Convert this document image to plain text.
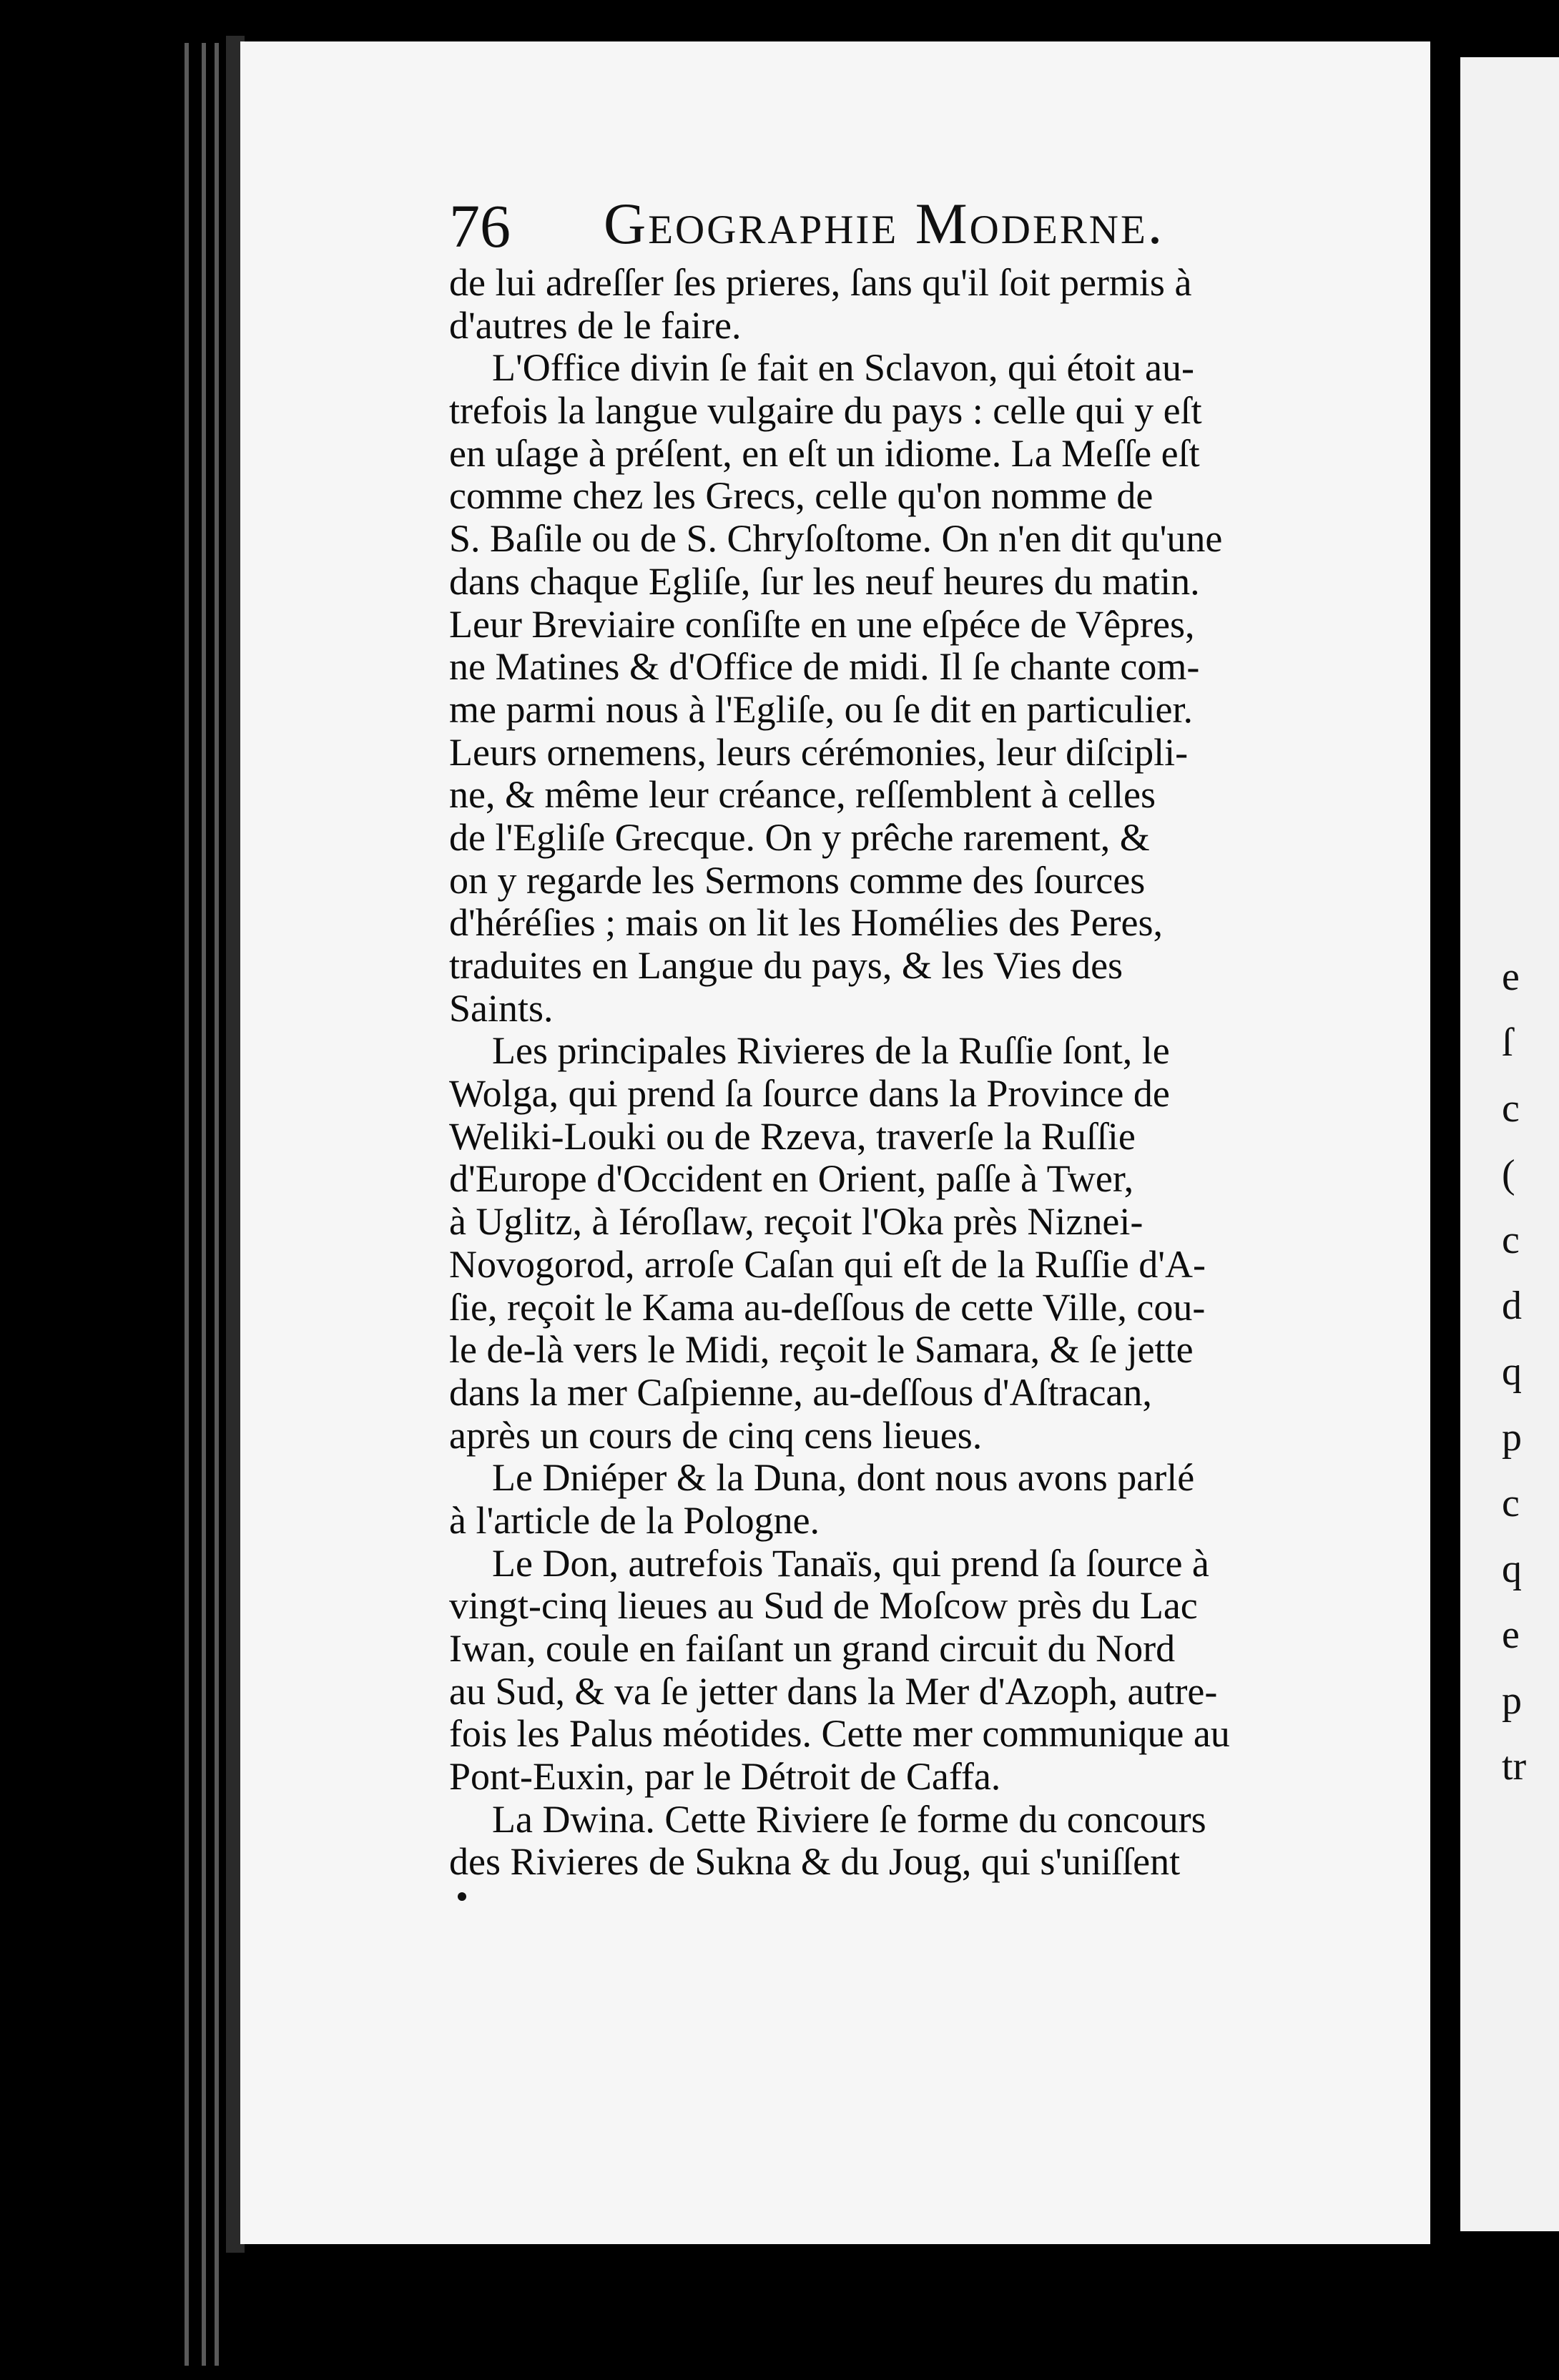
76 Geographie Moderne.
de lui adreſſer ſes prieres, ſans qu'il ſoit permis à
d'autres de le faire.
L'Office divin ſe fait en Sclavon, qui étoit au-
trefois la langue vulgaire du pays : celle qui y eſt
en uſage à préſent, en eſt un idiome. La Meſſe eſt
comme chez les Grecs, celle qu'on nomme de
S. Baſile ou de S. Chryſoſtome. On n'en dit qu'une
dans chaque Egliſe, ſur les neuf heures du matin.
Leur Breviaire conſiſte en une eſpéce de Vêpres,
ne Matines & d'Office de midi. Il ſe chante com-
me parmi nous à l'Egliſe, ou ſe dit en particulier.
Leurs ornemens, leurs cérémonies, leur diſcipli-
ne, & même leur créance, reſſemblent à celles
de l'Egliſe Grecque. On y prêche rarement, &
on y regarde les Sermons comme des ſources
d'héréſies ; mais on lit les Homélies des Peres,
traduites en Langue du pays, & les Vies des
Saints.
Les principales Rivieres de la Ruſſie ſont, le
Wolga, qui prend ſa ſource dans la Province de
Weliki-Louki ou de Rzeva, traverſe la Ruſſie
d'Europe d'Occident en Orient, paſſe à Twer,
à Uglitz, à Iéroſlaw, reçoit l'Oka près Niznei-
Novogorod, arroſe Caſan qui eſt de la Ruſſie d'A-
ſie, reçoit le Kama au-deſſous de cette Ville, cou-
le de-là vers le Midi, reçoit le Samara, & ſe jette
dans la mer Caſpienne, au-deſſous d'Aſtracan,
après un cours de cinq cens lieues.
Le Dniéper & la Duna, dont nous avons parlé
à l'article de la Pologne.
Le Don, autrefois Tanaïs, qui prend ſa ſource à
vingt-cinq lieues au Sud de Moſcow près du Lac
Iwan, coule en faiſant un grand circuit du Nord
au Sud, & va ſe jetter dans la Mer d'Azoph, autre-
fois les Palus méotides. Cette mer communique au
Pont-Euxin, par le Détroit de Caffa.
La Dwina. Cette Riviere ſe forme du concours
des Rivieres de Sukna & du Joug, qui s'uniſſent
e
ſ
c
(
c
d
q
p
c
q
e
p
tr
